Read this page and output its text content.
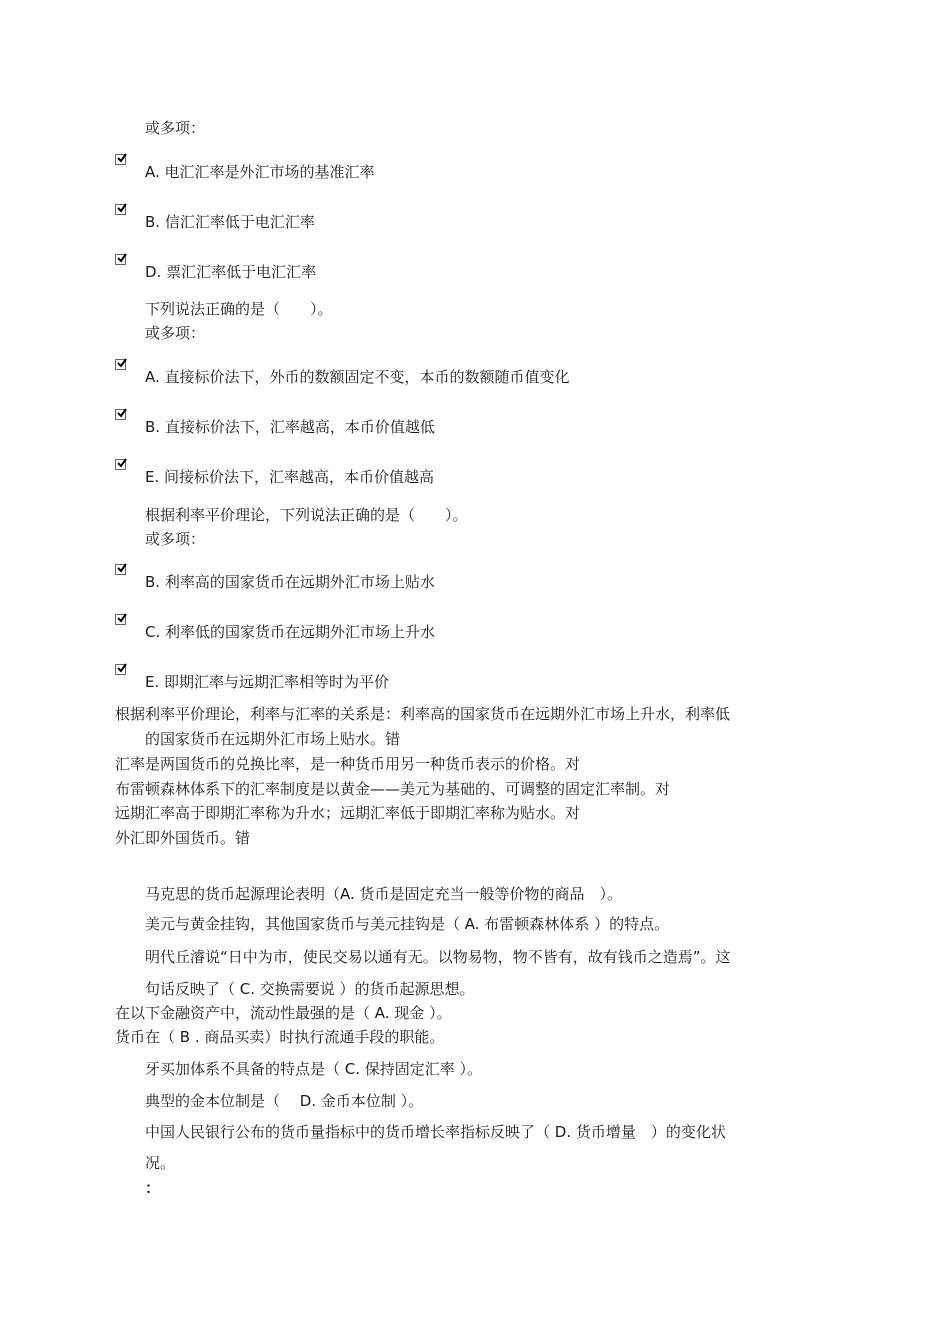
或多项：
A. 电汇汇率是外汇市场的基准汇率
B. 信汇汇率低于电汇汇率
D. 票汇汇率低于电汇汇率
下列说法正确的是（　　）。
或多项：
A. 直接标价法下，外币的数额固定不变，本币的数额随币值变化
B. 直接标价法下，汇率越高，本币价值越低
E. 间接标价法下，汇率越高，本币价值越高
根据利率平价理论，下列说法正确的是（　　）。
或多项：
B. 利率高的国家货币在远期外汇市场上贴水
C. 利率低的国家货币在远期外汇市场上升水
E. 即期汇率与远期汇率相等时为平价
根据利率平价理论，利率与汇率的关系是：利率高的国家货币在远期外汇市场上升水，利率低
的国家货币在远期外汇市场上贴水。错
汇率是两国货币的兑换比率，是一种货币用另一种货币表示的价格。对
布雷顿森林体系下的汇率制度是以黄金——美元为基础的、可调整的固定汇率制。对
远期汇率高于即期汇率称为升水；远期汇率低于即期汇率称为贴水。对
外汇即外国货币。错
马克思的货币起源理论表明（A. 货币是固定充当一般等价物的商品　）。
美元与黄金挂钩，其他国家货币与美元挂钩是（ A. 布雷顿森林体系 ）的特点。
明代丘濬说“日中为市，使民交易以通有无。以物易物，物不皆有，故有钱币之造焉”。这
句话反映了（ C. 交换需要说 ）的货币起源思想。
在以下金融资产中，流动性最强的是（ A. 现金 ）。
货币在（ B . 商品买卖）时执行流通手段的职能。
牙买加体系不具备的特点是（ C. 保持固定汇率 ）。
典型的金本位制是（　 D. 金币本位制 ）。
中国人民银行公布的货币量指标中的货币增长率指标反映了（ D. 货币增量　）的变化状
况。
：
